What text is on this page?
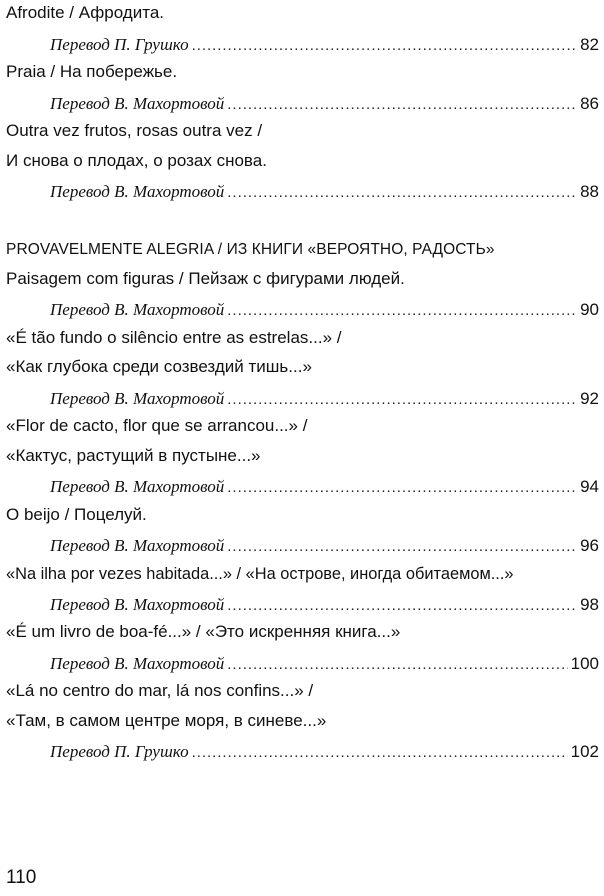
Afrodite / Афродита.
Перевод П. Грушко . . .	82
Praia / На побережье.
Перевод В. Махортовой . . .	86
Outra vez frutos, rosas outra vez /
И снова о плодах, о розах снова.
Перевод В. Махортовой . . .	88
PROVAVELMENTE ALEGRIA / ИЗ КНИГИ «ВЕРОЯТНО, РАДОСТЬ»
Paisagem com figuras / Пейзаж с фигурами людей.
Перевод В. Махортовой . . .	90
«É tão fundo o silêncio entre as estrelas...» /
«Как глубока среди созвездий тишь...»
Перевод В. Махортовой . . .	92
«Flor de cacto, flor que se arrancou...» /
«Кактус, растущий в пустыне...»
Перевод В. Махортовой . . .	94
O beijo / Поцелуй.
Перевод В. Махортовой . . .	96
«Na ilha por vezes habitada...» / «На острове, иногда обитаемом...»
Перевод В. Махортовой . . .	98
«É um livro de boa-fé...» / «Это искренняя книга...»
Перевод В. Махортовой . . .	100
«Lá no centro do mar, lá nos confins...» /
«Там, в самом центре моря, в синеве...»
Перевод П. Грушко . . .	102
110
